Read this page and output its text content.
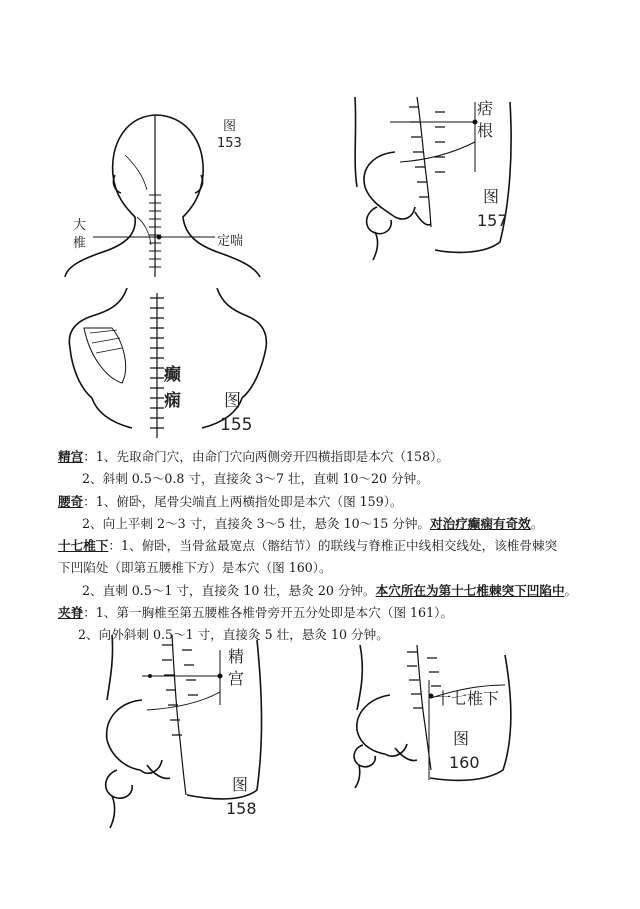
图
153
大
椎	定喘
痞
根
图
157
癫
痫	图
155
精宫：1、先取命门穴，由命门穴向两侧旁开四横指即是本穴（158）。
2、斜刺 0.5～0.8 寸，直接灸 3～7 壮，直刺 10～20 分钟。
腰奇：1、俯卧，尾骨尖端直上两横指处即是本穴（图 159）。
2、向上平刺 2～3 寸，直接灸 3～5 壮，悬灸 10～15 分钟。对治疗癫痫有奇效。
十七椎下：1、俯卧，当骨盆最宽点（髂结节）的联线与脊椎正中线相交线处，该椎骨棘突
下凹陷处（即第五腰椎下方）是本穴（图 160）。
2、直刺 0.5～1 寸，直接灸 10 壮，悬灸 20 分钟。本穴所在为第十七椎棘突下凹陷中。
夹脊：1、第一胸椎至第五腰椎各椎骨旁开五分处即是本穴（图 161）。
2、向外斜刺 0.5～1 寸，直接灸 5 壮，悬灸 10 分钟。
精
宫
图
158
十七椎下
图
160
